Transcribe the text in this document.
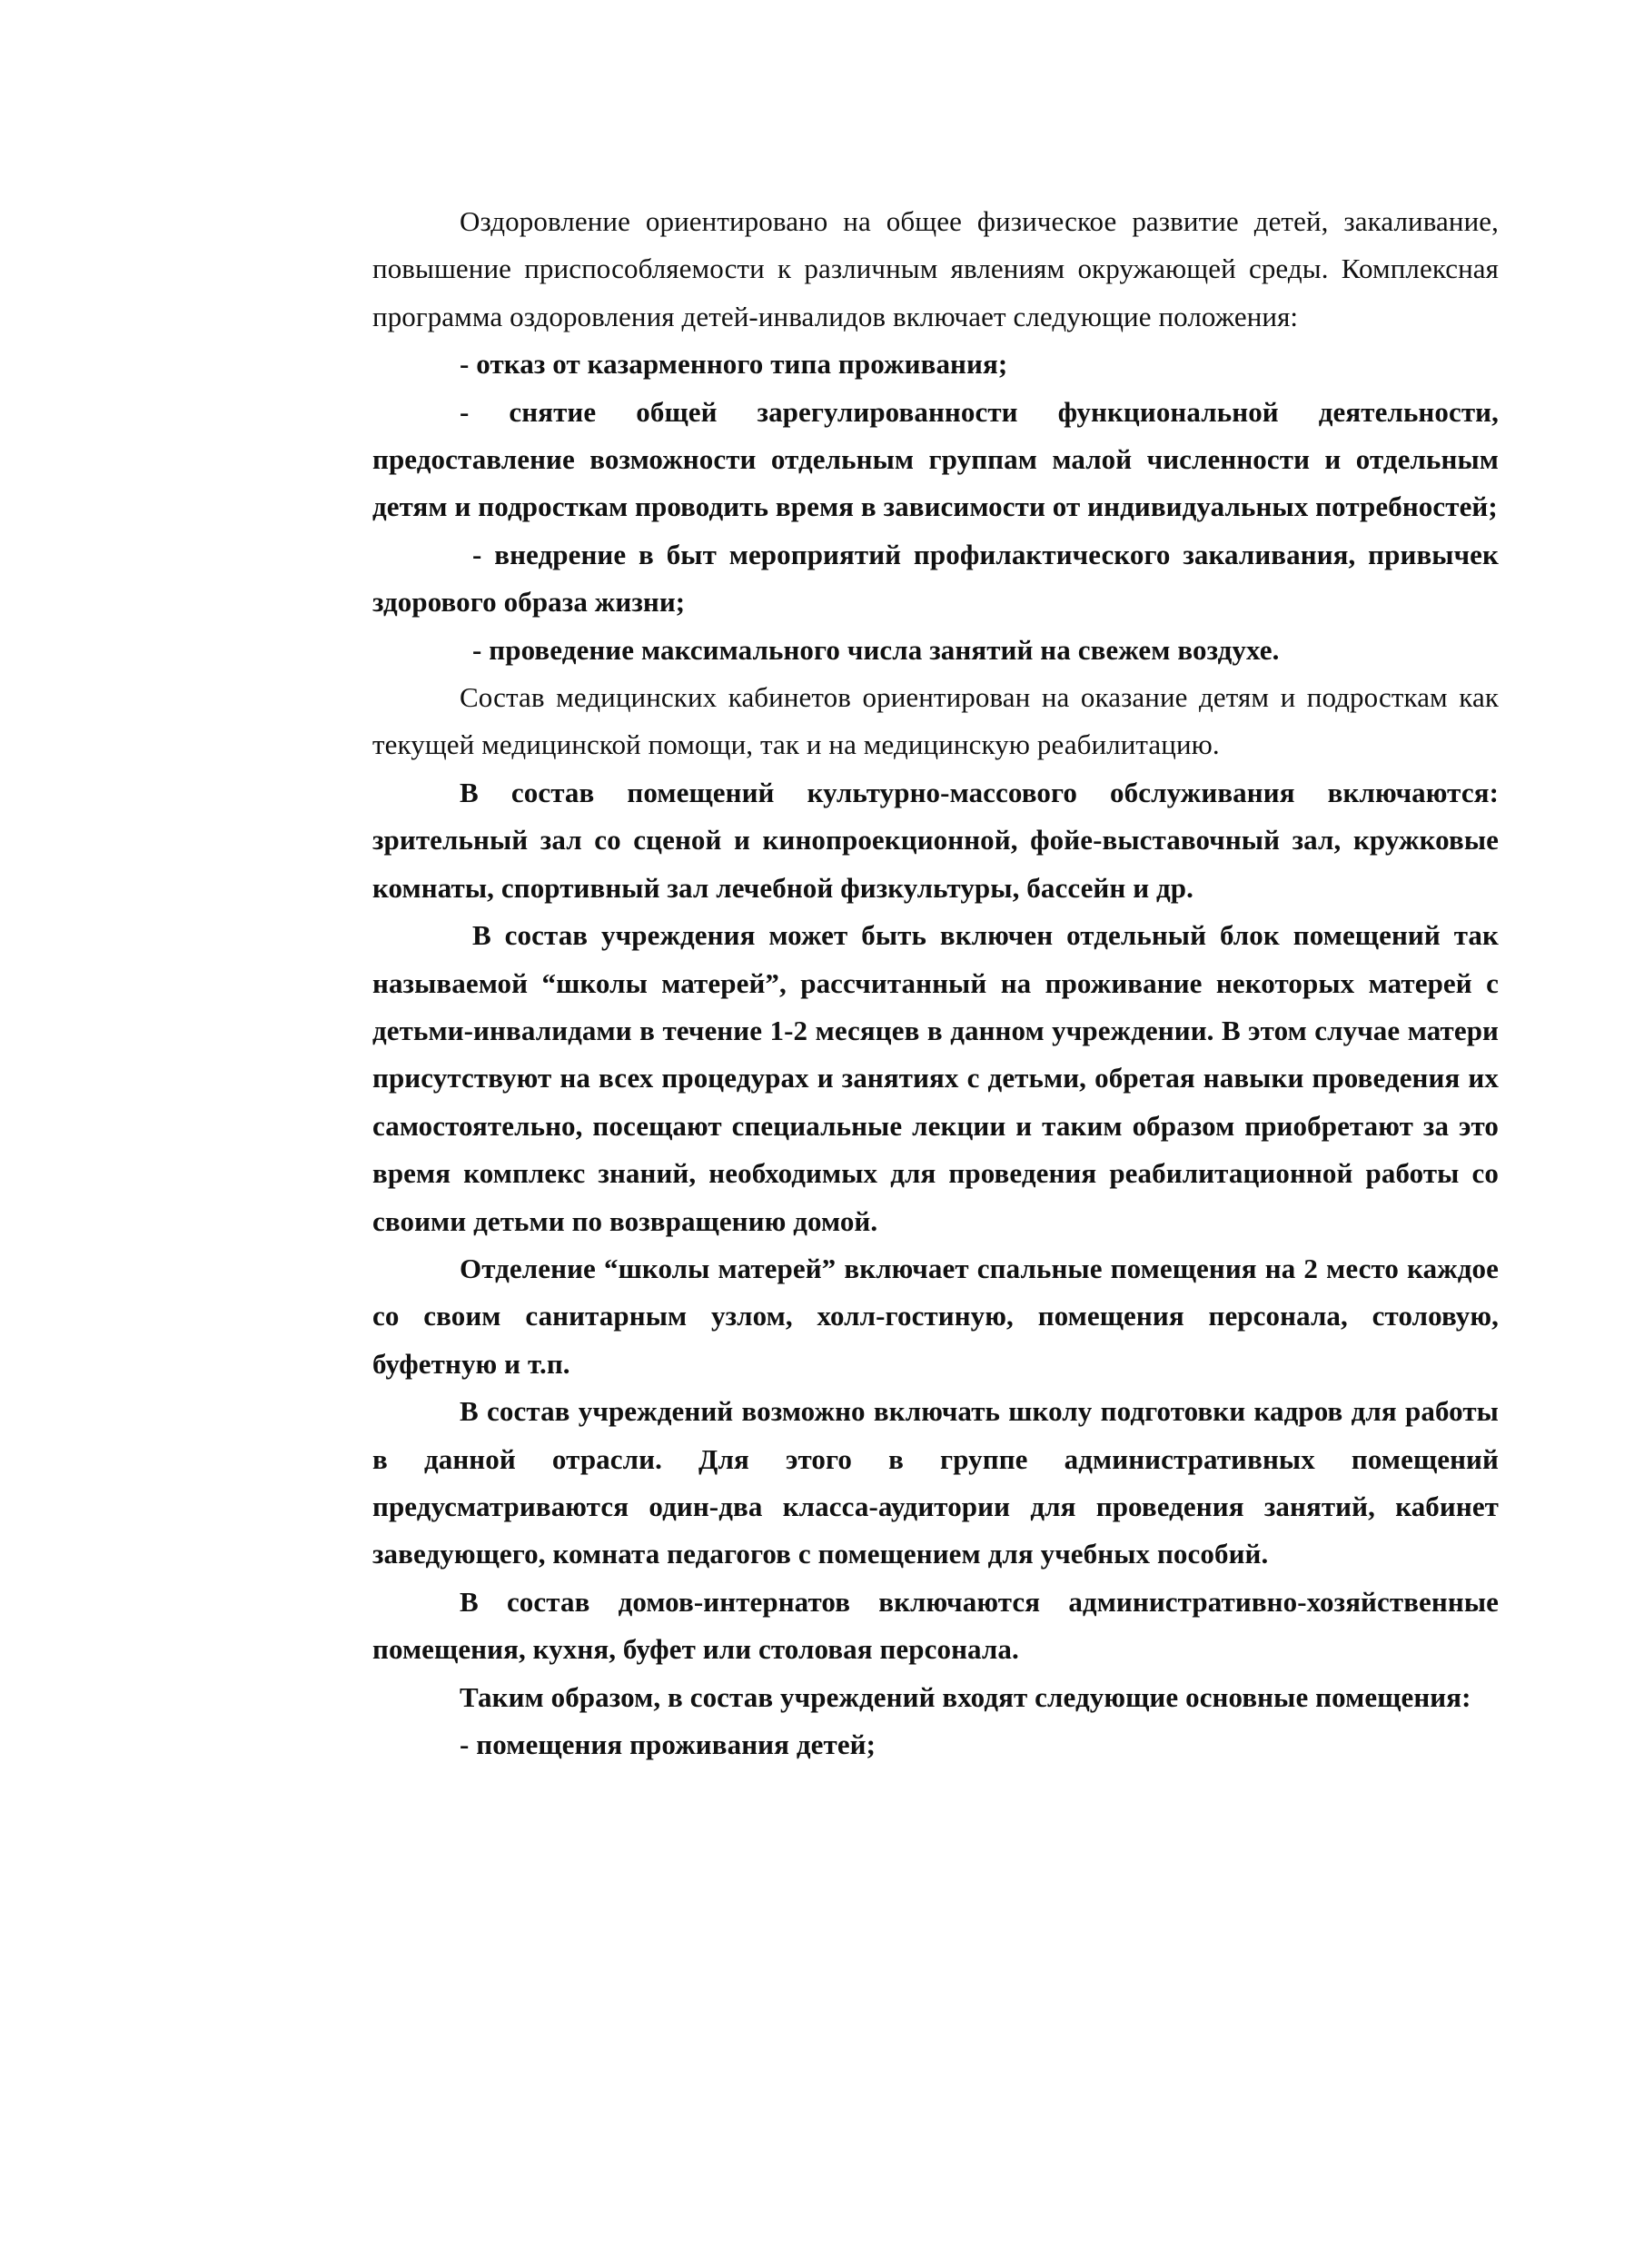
Оздоровление ориентировано на общее физическое развитие детей, закаливание, повышение приспособляемости к различным явлениям окружающей среды. Комплексная программа оздоровления детей-инвалидов включает следующие положения:

- отказ от казарменного типа проживания;

- снятие общей зарегулированности функциональной деятельности, предоставление возможности отдельным группам малой численности и отдельным детям и подросткам проводить время в зависимости от индивидуальных потребностей;

- внедрение в быт мероприятий профилактического закаливания, привычек здорового образа жизни;

- проведение максимального числа занятий на свежем воздухе.

Состав медицинских кабинетов ориентирован на оказание детям и подросткам как текущей медицинской помощи, так и на медицинскую реабилитацию.

В состав помещений культурно-массового обслуживания включаются: зрительный зал со сценой и кинопроекционной, фойе-выставочный зал, кружковые комнаты, спортивный зал лечебной физкультуры, бассейн и др.

В состав учреждения может быть включен отдельный блок помещений так называемой “школы матерей”, рассчитанный на проживание некоторых матерей с детьми-инвалидами в течение 1-2 месяцев в данном учреждении. В этом случае матери присутствуют на всех процедурах и занятиях с детьми, обретая навыки проведения их самостоятельно, посещают специальные лекции и таким образом приобретают за это время комплекс знаний, необходимых для проведения реабилитационной работы со своими детьми по возвращению домой.

Отделение “школы матерей” включает спальные помещения на 2 место каждое со своим санитарным узлом, холл-гостиную, помещения персонала, столовую, буфетную и т.п.

В состав учреждений возможно включать школу подготовки кадров для работы в данной отрасли. Для этого в группе административных помещений предусматриваются один-два класса-аудитории для проведения занятий, кабинет заведующего, комната педагогов с помещением для учебных пособий.

В состав домов-интернатов включаются административно-хозяйственные помещения, кухня, буфет или столовая персонала.

Таким образом, в состав учреждений входят следующие основные помещения:

- помещения проживания детей;
